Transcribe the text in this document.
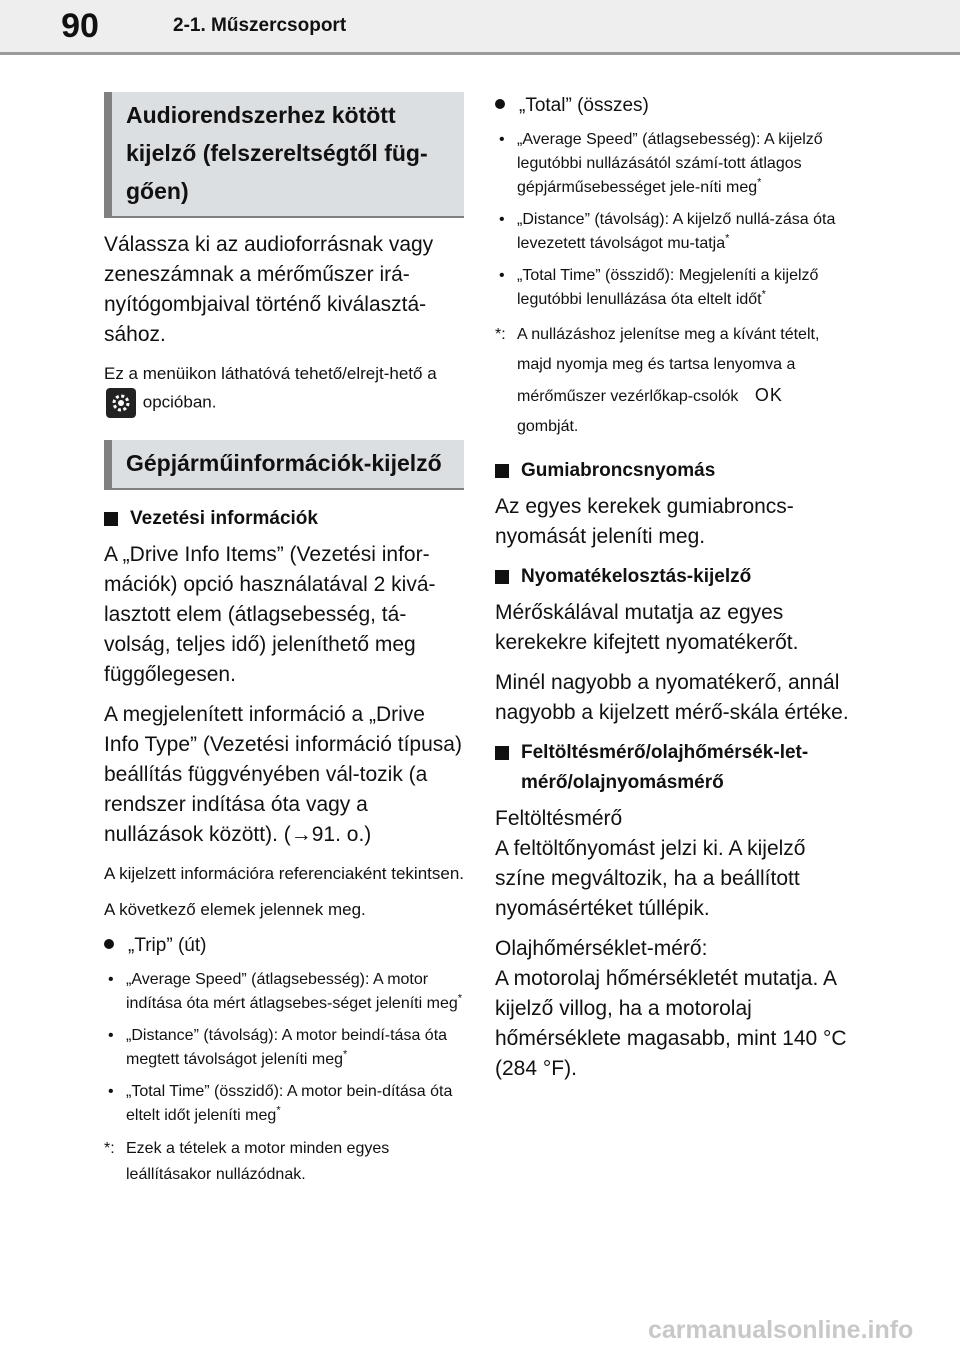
90	2-1. Műszercsoport
Audiorendszerhez kötött kijelző (felszereltségtől füg-gően)

Válassza ki az audioforrásnak vagy zeneszámnak a mérőműszer irá-nyítógombjaival történő kiválasztá-sához.

Ez a menüikon láthatóvá tehető/elrejt-hető a
opcióban.

Gépjárműinformációk-kijelző
Vezetési információk

A „Drive Info Items” (Vezetési infor-mációk) opció használatával 2 kivá-lasztott elem (átlagsebesség, tá-volság, teljes idő) jeleníthető meg függőlegesen.

A megjelenített információ a „Drive Info Type” (Vezetési információ típusa) beállítás függvényében vál-tozik (a rendszer indítása óta vagy a nullázások között). (→91. o.)

A kijelzett információra referenciaként tekintsen.

A következő elemek jelennek meg.

„Trip” (út)
• „Average Speed” (átlagsebesség): A motor indítása óta mért átlagsebes-séget jeleníti meg*
• „Distance” (távolság): A motor beindí-tása óta megtett távolságot jeleníti meg*
• „Total Time” (összidő): A motor bein-dítása óta eltelt időt jeleníti meg*
*: Ezek a tételek a motor minden egyes leállításakor nullázódnak.
„Total” (összes)
• „Average Speed” (átlagsebesség): A kijelző legutóbbi nullázásától számí-tott átlagos gépjárműsebességet jele-níti meg*
• „Distance” (távolság): A kijelző nullá-zása óta levezetett távolságot mu-tatja*
• „Total Time” (összidő): Megjeleníti a kijelző legutóbbi lenullázása óta eltelt időt*
*: A nullázáshoz jelenítse meg a kívánt tételt, majd nyomja meg és tartsa lenyomva a mérőműszer vezérlőkap-csolók OK gombját.
Gumiabroncsnyomás

Az egyes kerekek gumiabroncs-nyomását jeleníti meg.

Nyomatékelosztás-kijelző

Mérőskálával mutatja az egyes kerekekre kifejtett nyomatékerőt.

Minél nagyobb a nyomatékerő, annál nagyobb a kijelzett mérő-skála értéke.

Feltöltésmérő/olajhőmérsék-let-mérő/olajnyomásmérő

Feltöltésmérő

A feltöltőnyomást jelzi ki. A kijelző színe megváltozik, ha a beállított nyomásértéket túllépik.

Olajhőmérséklet-mérő:

A motorolaj hőmérsékletét mutatja. A kijelző villog, ha a motorolaj hőmérséklete magasabb, mint 140 °C (284 °F).

carmanualsonline.info
